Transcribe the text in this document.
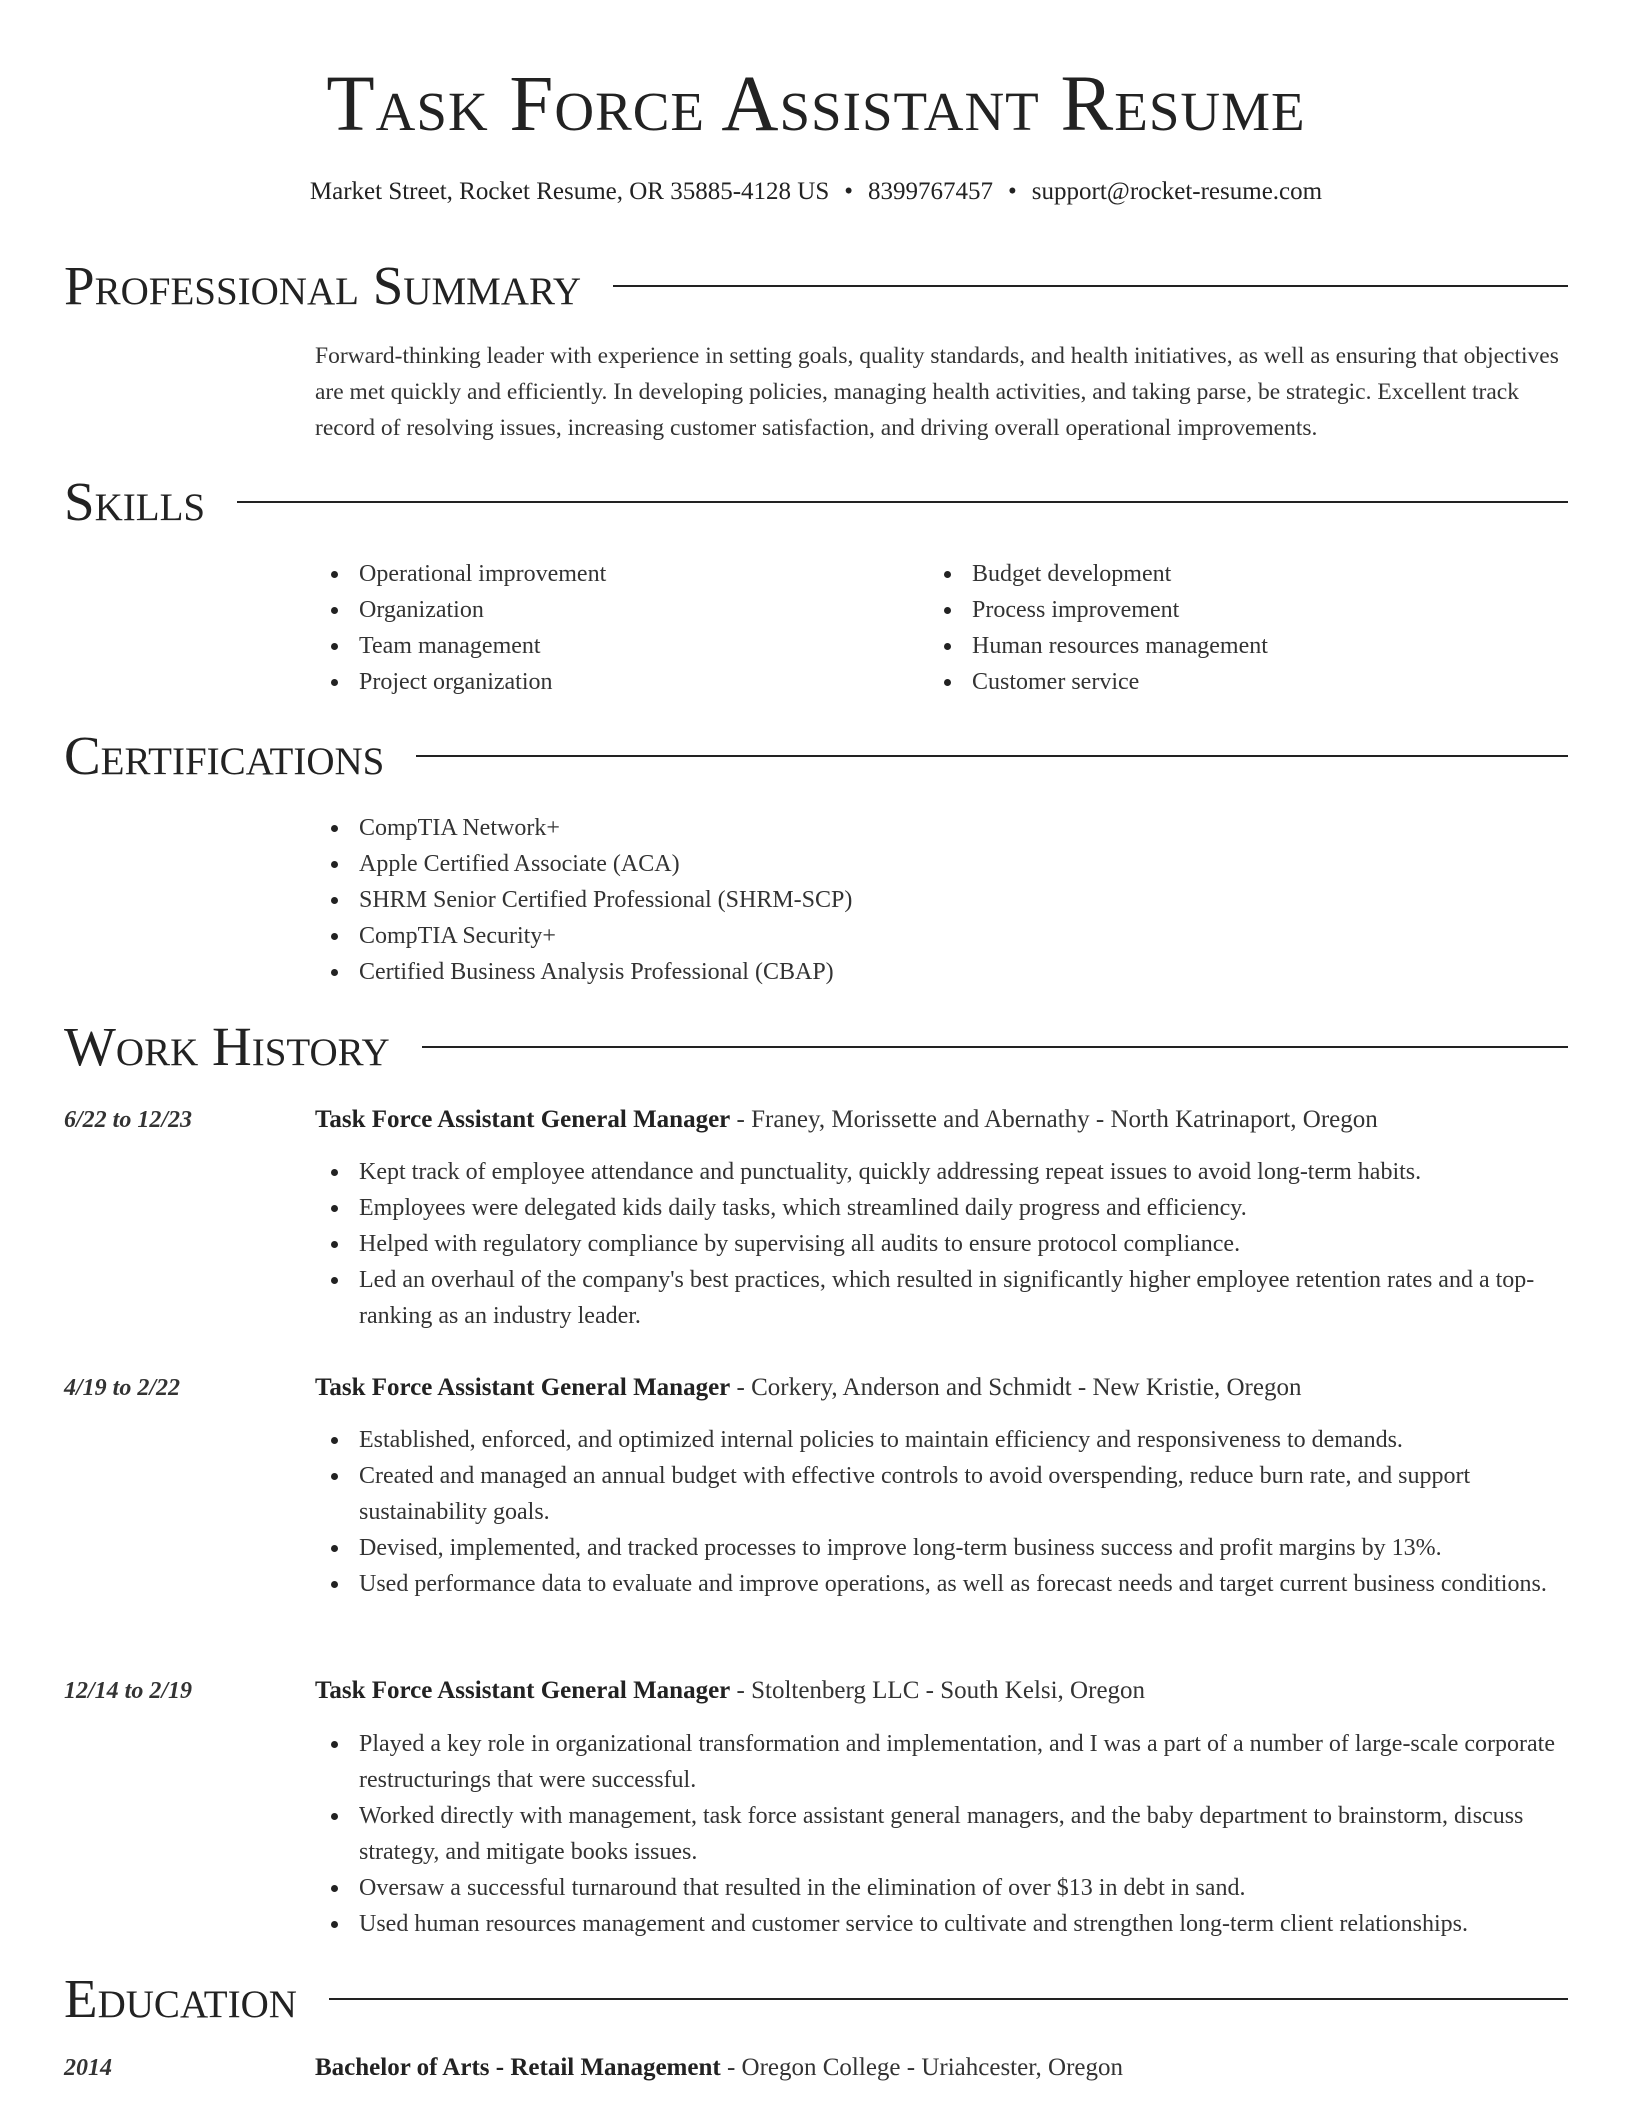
Task Force Assistant Resume
Market Street, Rocket Resume, OR 35885-4128 US • 8399767457 • support@rocket-resume.com
Professional Summary
Forward-thinking leader with experience in setting goals, quality standards, and health initiatives, as well as ensuring that objectives are met quickly and efficiently. In developing policies, managing health activities, and taking parse, be strategic. Excellent track record of resolving issues, increasing customer satisfaction, and driving overall operational improvements.
Skills
Operational improvement
Organization
Team management
Project organization
Budget development
Process improvement
Human resources management
Customer service
Certifications
CompTIA Network+
Apple Certified Associate (ACA)
SHRM Senior Certified Professional (SHRM-SCP)
CompTIA Security+
Certified Business Analysis Professional (CBAP)
Work History
6/22 to 12/23	Task Force Assistant General Manager - Franey, Morissette and Abernathy - North Katrinaport, Oregon
Kept track of employee attendance and punctuality, quickly addressing repeat issues to avoid long-term habits.
Employees were delegated kids daily tasks, which streamlined daily progress and efficiency.
Helped with regulatory compliance by supervising all audits to ensure protocol compliance.
Led an overhaul of the company's best practices, which resulted in significantly higher employee retention rates and a top-ranking as an industry leader.
4/19 to 2/22	Task Force Assistant General Manager - Corkery, Anderson and Schmidt - New Kristie, Oregon
Established, enforced, and optimized internal policies to maintain efficiency and responsiveness to demands.
Created and managed an annual budget with effective controls to avoid overspending, reduce burn rate, and support sustainability goals.
Devised, implemented, and tracked processes to improve long-term business success and profit margins by 13%.
Used performance data to evaluate and improve operations, as well as forecast needs and target current business conditions.
12/14 to 2/19	Task Force Assistant General Manager - Stoltenberg LLC - South Kelsi, Oregon
Played a key role in organizational transformation and implementation, and I was a part of a number of large-scale corporate restructurings that were successful.
Worked directly with management, task force assistant general managers, and the baby department to brainstorm, discuss strategy, and mitigate books issues.
Oversaw a successful turnaround that resulted in the elimination of over $13 in debt in sand.
Used human resources management and customer service to cultivate and strengthen long-term client relationships.
Education
2014	Bachelor of Arts - Retail Management - Oregon College - Uriahcester, Oregon
